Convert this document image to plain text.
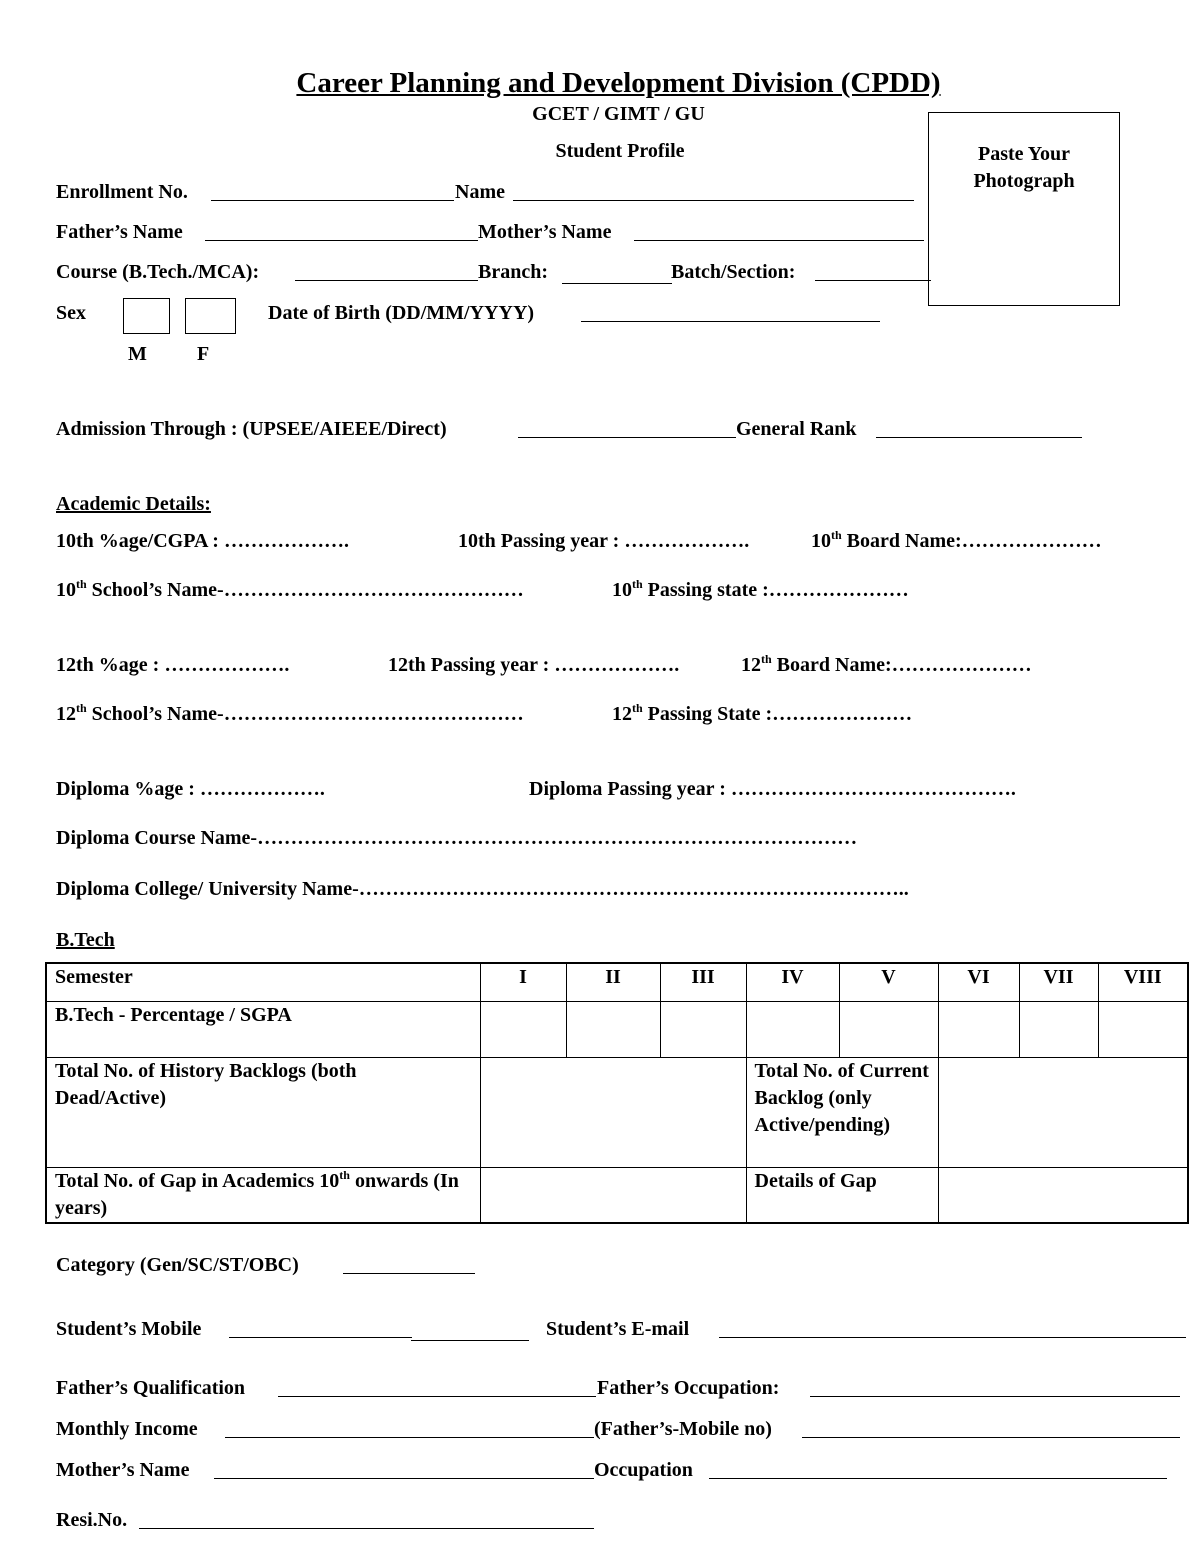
Career Planning and Development Division (CPDD)
GCET / GIMT / GU
Student Profile	Paste Your Photograph
Enrollment No.	Name
Father’s Name	Mother’s Name
Course (B.Tech./MCA):	Branch:	Batch/Section:
Sex
M	F
Date of Birth (DD/MM/YYYY)
Admission Through : (UPSEE/AIEEE/Direct)	General Rank
Academic Details:
10th %age/CGPA : ……………….	10th Passing year : ……………….	10th Board Name:…………………
10th School’s Name-………………………………………	10th Passing state :…………………
12th %age : ……………….	12th Passing year : ……………….	12th Board Name:…………………
12th School’s Name-………………………………………	12th Passing State :…………………
Diploma %age : ……………….	Diploma Passing year : …………………………………….
Diploma Course Name-………………………………………………………………………………
Diploma College/ University Name-………………………………………………………………………..
B.Tech
Semester	I	II	III	IV	V	VI	VII	VIII
B.Tech - Percentage / SGPA								
Total No. of History Backlogs (both Dead/Active)				Total No. of Current Backlog (only Active/pending)				
Total No. of Gap in Academics 10th onwards (In years)				Details of Gap				
Category (Gen/SC/ST/OBC)
Student’s Mobile	Student’s E-mail
Father’s Qualification	Father’s Occupation:
Monthly Income	(Father’s-Mobile no)
Mother’s Name	Occupation
Resi.No.
